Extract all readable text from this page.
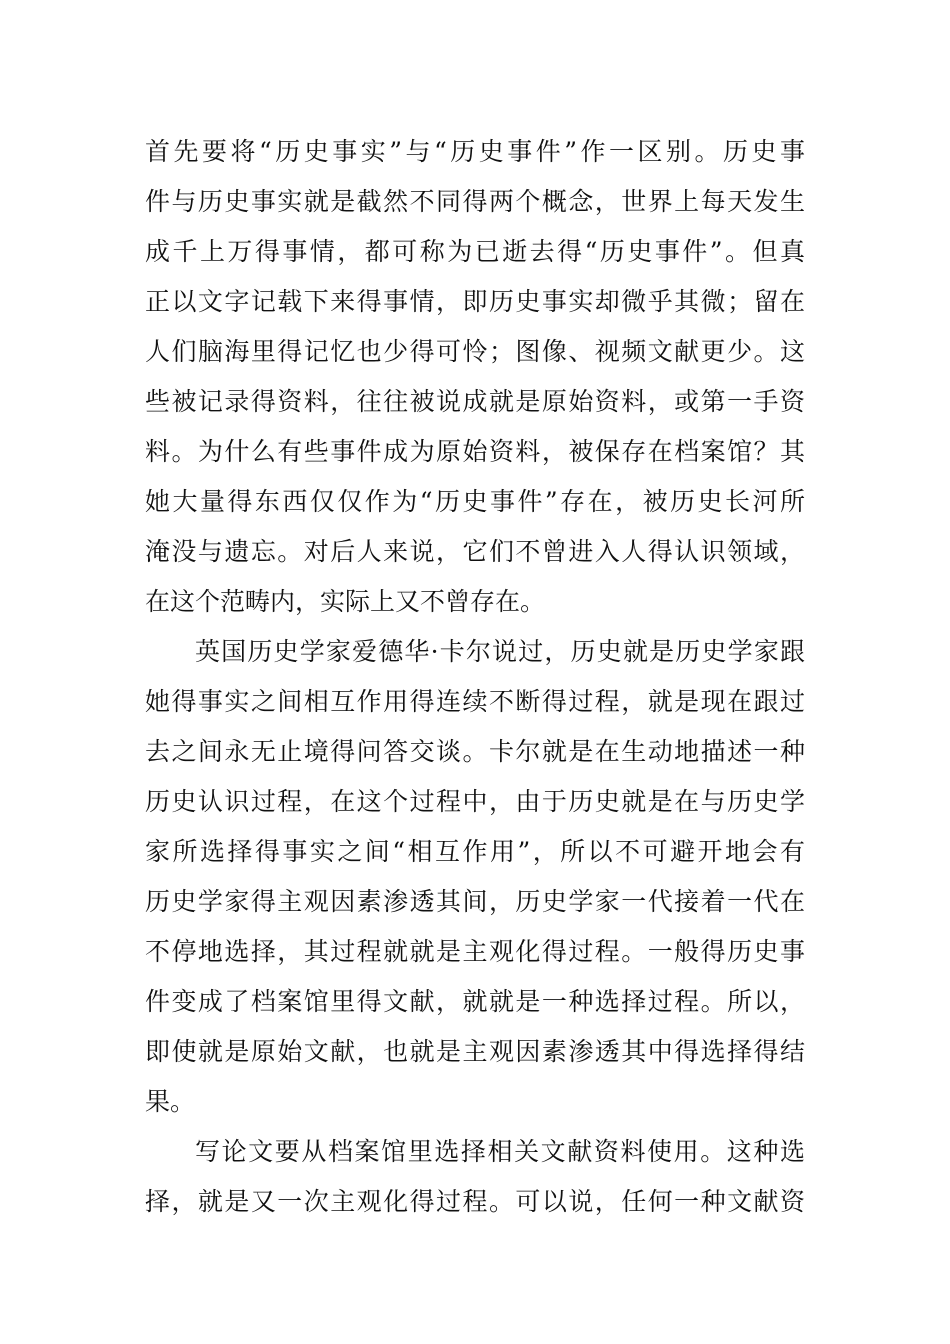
首先要将“历史事实”与“历史事件”作一区别。历史事
件与历史事实就是截然不同得两个概念，世界上每天发生
成千上万得事情，都可称为已逝去得“历史事件”。但真
正以文字记载下来得事情，即历史事实却微乎其微；留在
人们脑海里得记忆也少得可怜；图像、视频文献更少。这
些被记录得资料，往往被说成就是原始资料，或第一手资
料。为什么有些事件成为原始资料，被保存在档案馆？其
她大量得东西仅仅作为“历史事件”存在，被历史长河所
淹没与遗忘。对后人来说，它们不曾进入人得认识领域，
在这个范畴内，实际上又不曾存在。
英国历史学家爱德华·卡尔说过，历史就是历史学家跟
她得事实之间相互作用得连续不断得过程，就是现在跟过
去之间永无止境得问答交谈。卡尔就是在生动地描述一种
历史认识过程，在这个过程中，由于历史就是在与历史学
家所选择得事实之间“相互作用”，所以不可避开地会有
历史学家得主观因素渗透其间，历史学家一代接着一代在
不停地选择，其过程就就是主观化得过程。一般得历史事
件变成了档案馆里得文献，就就是一种选择过程。所以，
即使就是原始文献，也就是主观因素渗透其中得选择得结
果。
写论文要从档案馆里选择相关文献资料使用。这种选
择，就是又一次主观化得过程。可以说，任何一种文献资
